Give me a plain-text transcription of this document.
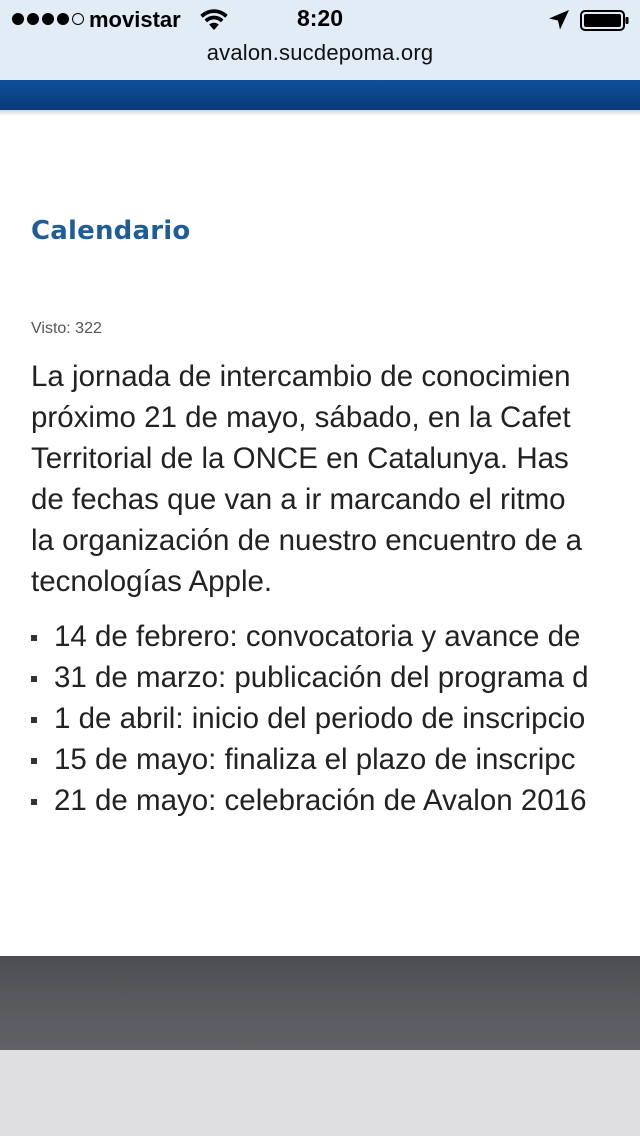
movistar	8:20
avalon.sucdepoma.org
Calendario
Visto: 322
La jornada de intercambio de conocimien
próximo 21 de mayo, sábado, en la Cafet
Territorial de la ONCE en Catalunya. Has
de fechas que van a ir marcando el ritmo
la organización de nuestro encuentro de a
tecnologías Apple.
14 de febrero: convocatoria y avance de
31 de marzo: publicación del programa d
1 de abril: inicio del periodo de inscripcio
15 de mayo: finaliza el plazo de inscripc
21 de mayo: celebración de Avalon 2016
